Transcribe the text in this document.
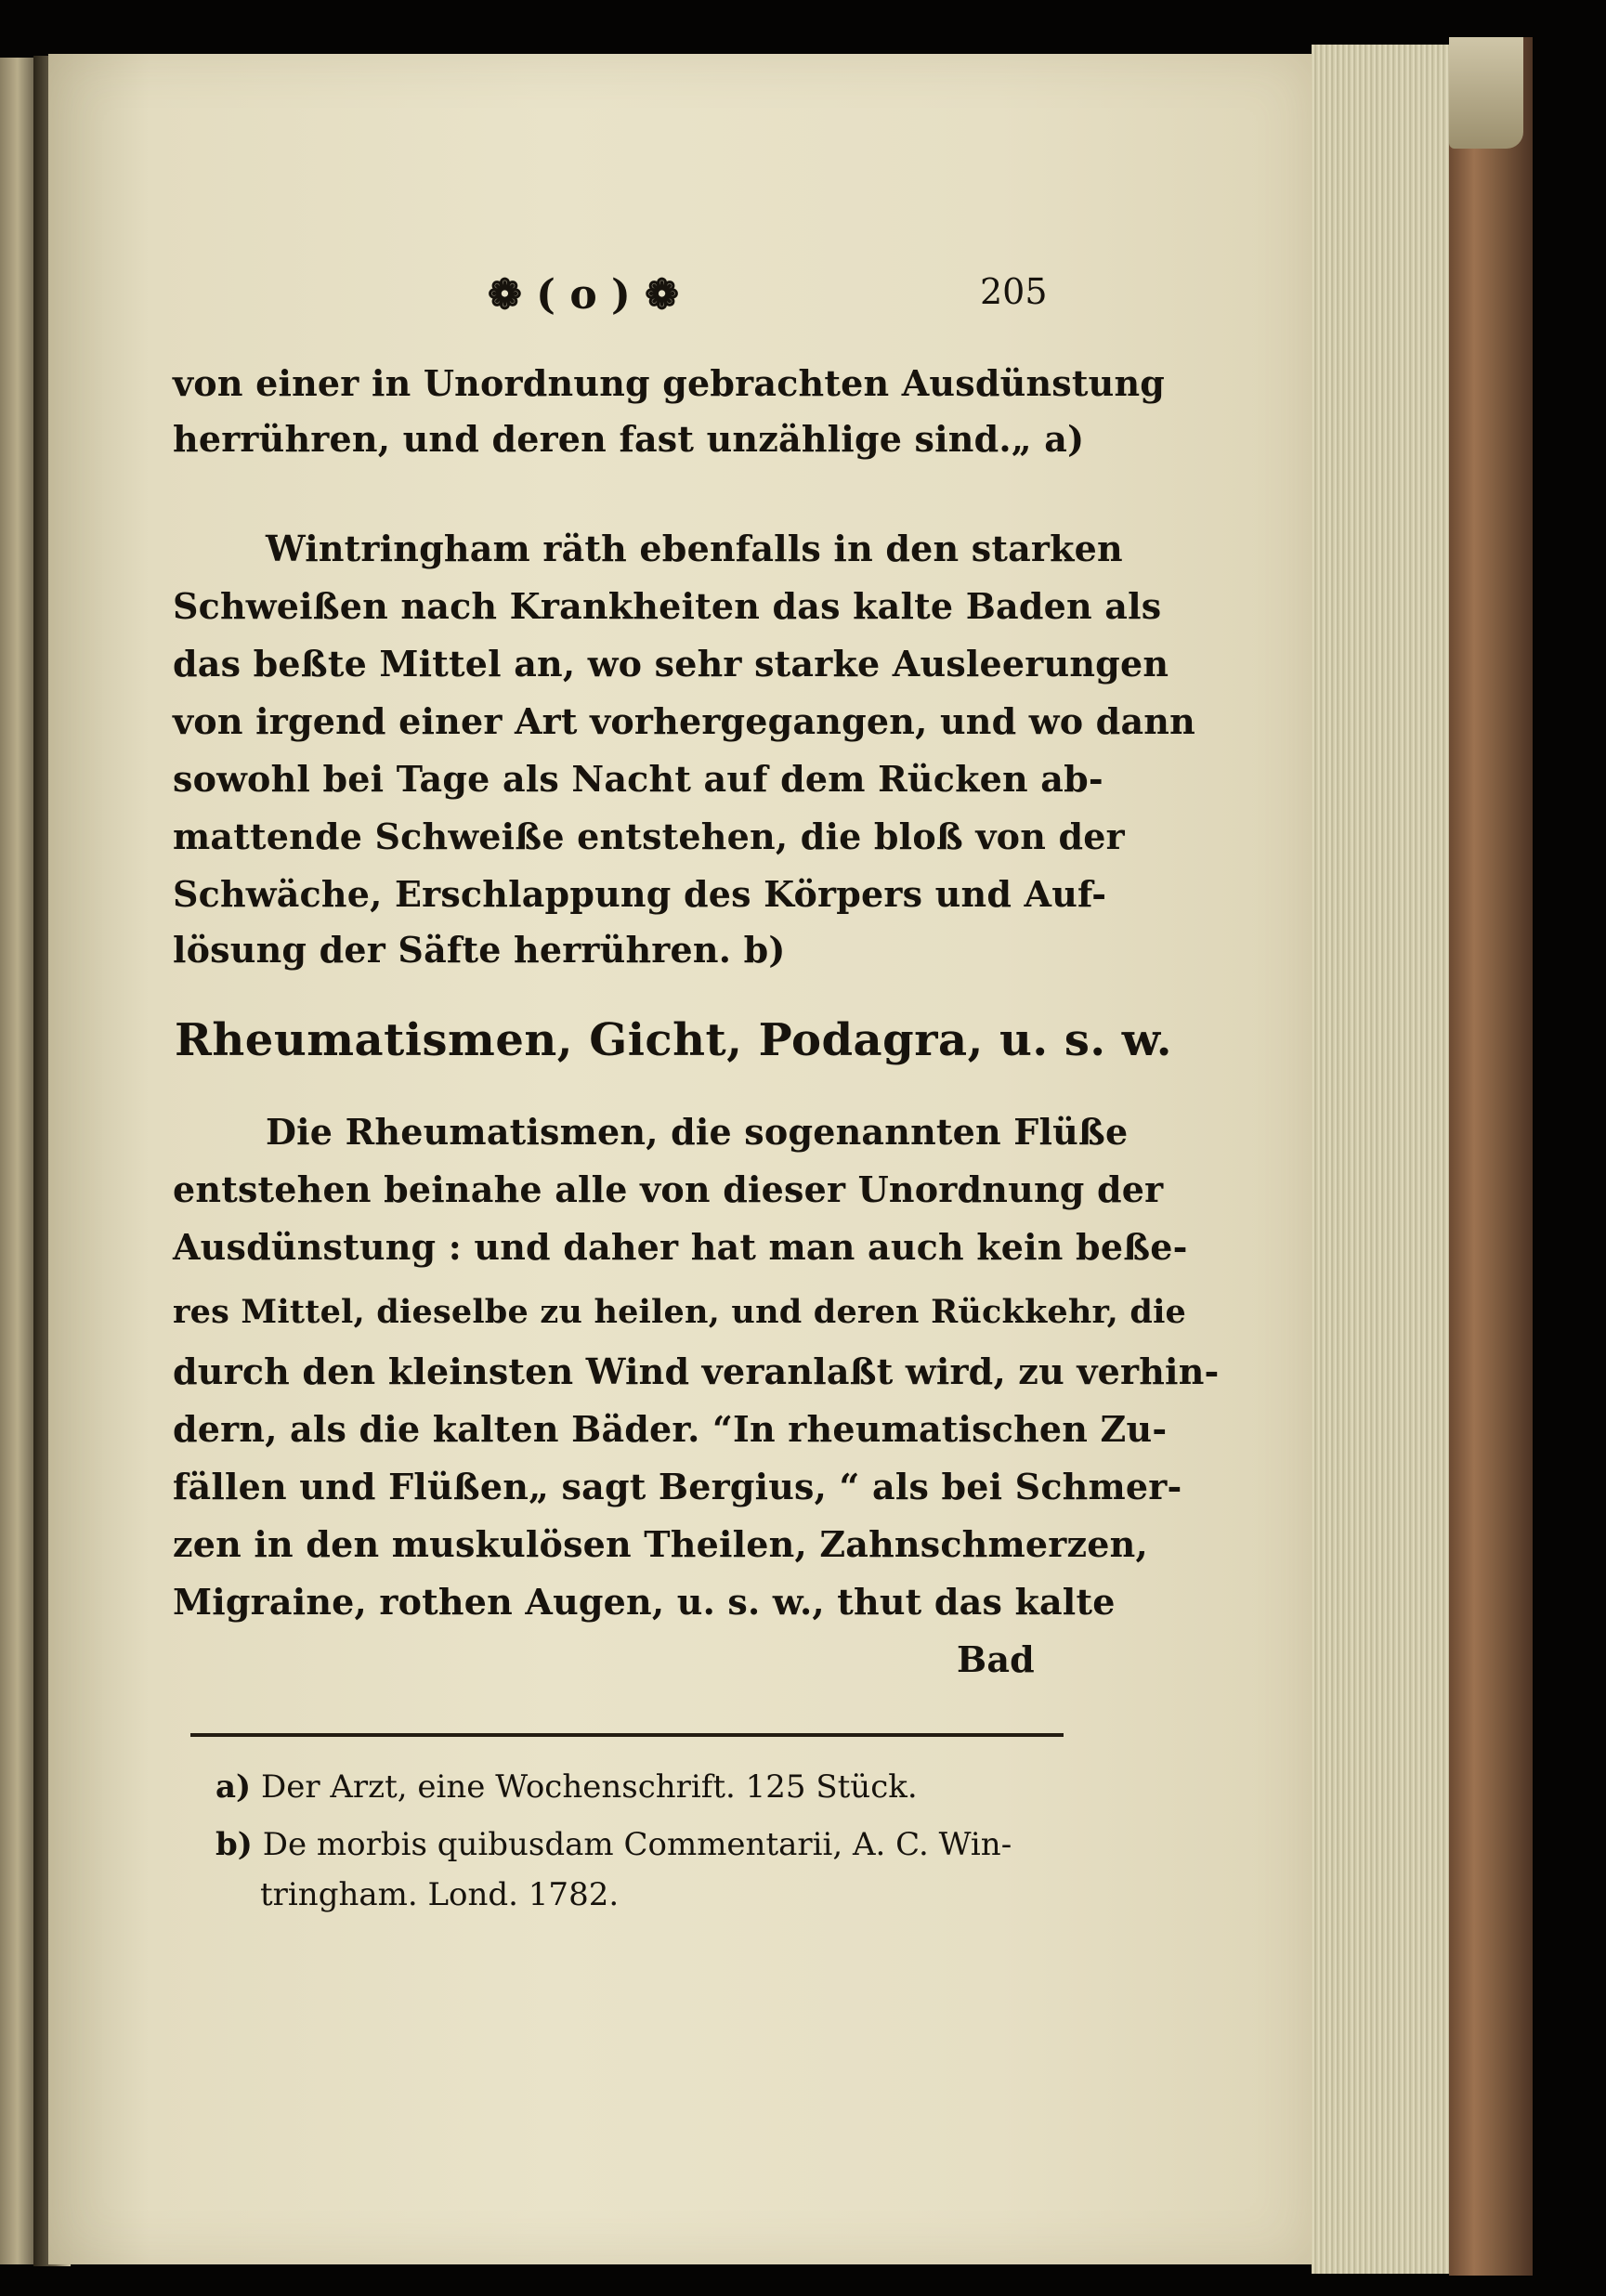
❁ ( o ) ❁	205
von einer in Unordnung gebrachten Ausdünstung
herrühren, und deren fast unzählige sind.„ a)
Wintringham räth ebenfalls in den starken
Schweißen nach Krankheiten das kalte Baden als
das beßte Mittel an, wo sehr starke Ausleerungen
von irgend einer Art vorhergegangen, und wo dann
sowohl bei Tage als Nacht auf dem Rücken ab-
mattende Schweiße entstehen, die bloß von der
Schwäche, Erschlappung des Körpers und Auf-
lösung der Säfte herrühren. b)
Rheumatismen, Gicht, Podagra, u. s. w.
Die Rheumatismen, die sogenannten Flüße
entstehen beinahe alle von dieser Unordnung der
Ausdünstung : und daher hat man auch kein beße-
res Mittel, dieselbe zu heilen, und deren Rückkehr, die
durch den kleinsten Wind veranlaßt wird, zu verhin-
dern, als die kalten Bäder. “In rheumatischen Zu-
fällen und Flüßen„ sagt Bergius, “ als bei Schmer-
zen in den muskulösen Theilen, Zahnschmerzen,
Migraine, rothen Augen, u. s. w., thut das kalte
Bad
a) Der Arzt, eine Wochenschrift. 125 Stück.
b) De morbis quibusdam Commentarii, A. C. Win-
tringham. Lond. 1782.
